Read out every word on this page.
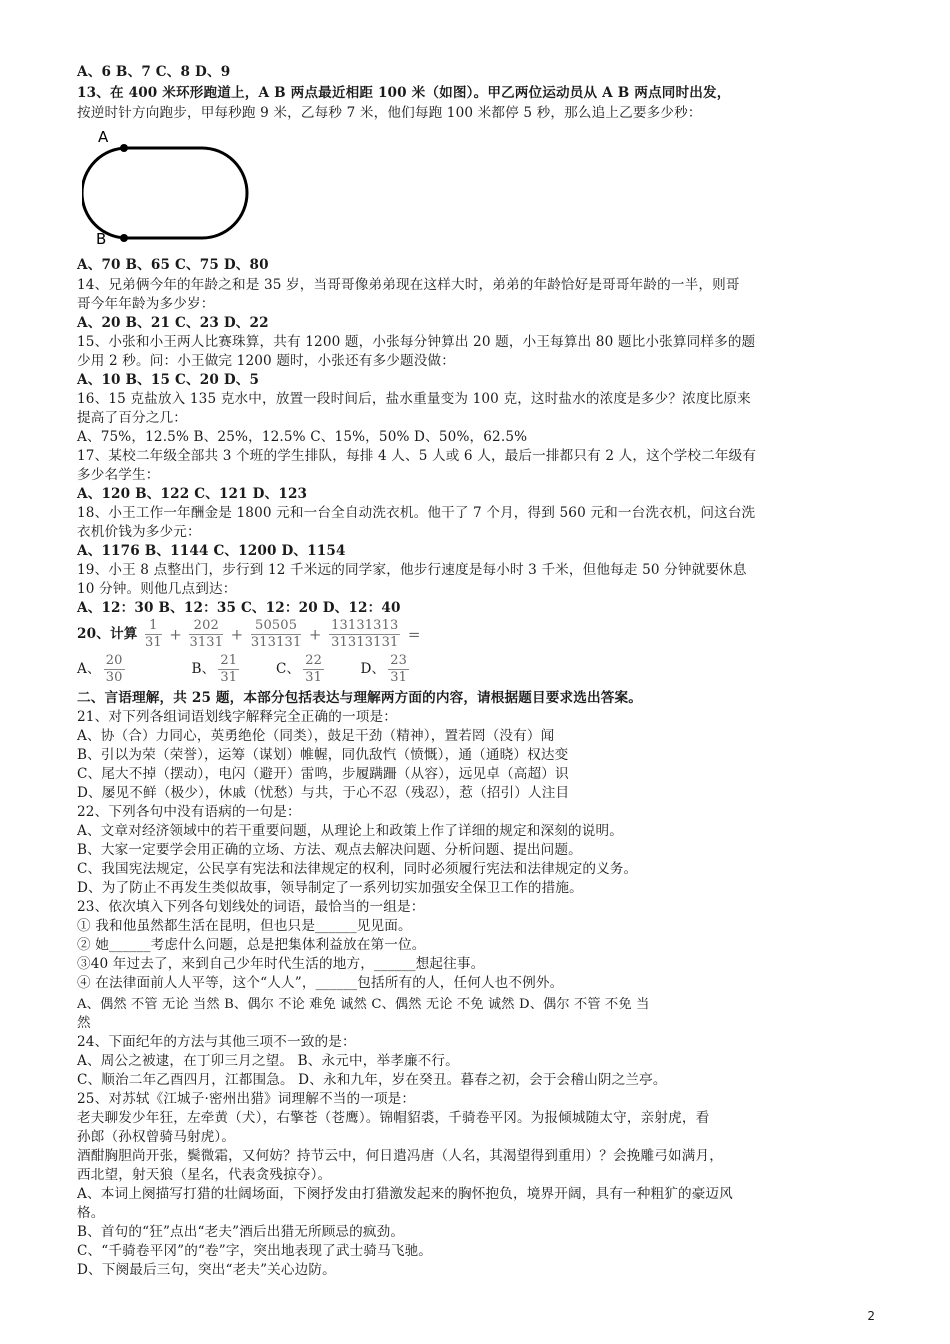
A、6 B、7 C、8 D、9
13、在 400 米环形跑道上，A B 两点最近相距 100 米（如图）。甲乙两位运动员从 A B 两点同时出发，
按逆时针方向跑步，甲每秒跑 9 米，乙每秒 7 米，他们每跑 100 米都停 5 秒，那么追上乙要多少秒：
A
B
A、70 B、65 C、75 D、80
14、兄弟俩今年的年龄之和是 35 岁，当哥哥像弟弟现在这样大时，弟弟的年龄恰好是哥哥年龄的一半，则哥
哥今年年龄为多少岁：
A、20 B、21 C、23 D、22
15、小张和小王两人比赛珠算，共有 1200 题，小张每分钟算出 20 题，小王每算出 80 题比小张算同样多的题
少用 2 秒。问：小王做完 1200 题时，小张还有多少题没做：
A、10 B、15 C、20 D、5
16、15 克盐放入 135 克水中，放置一段时间后，盐水重量变为 100 克，这时盐水的浓度是多少？浓度比原来
提高了百分之几：
A、75%，12.5% B、25%，12.5% C、15%，50% D、50%，62.5%
17、某校二年级全部共 3 个班的学生排队，每排 4 人、5 人或 6 人，最后一排都只有 2 人，这个学校二年级有
多少名学生：
A、120 B、122 C、121 D、123
18、小王工作一年酬金是 1800 元和一台全自动洗衣机。他干了 7 个月，得到 560 元和一台洗衣机，问这台洗
衣机价钱为多少元：
A、1176 B、1144 C、1200 D、1154
19、小王 8 点整出门，步行到 12 千米远的同学家，他步行速度是每小时 3 千米，但他每走 50 分钟就要休息
10 分钟。则他几点到达：
A、12：30 B、12：35 C、12：20 D、12：40
20、计算 $\frac{1}{31} + \frac{202}{3131} + \frac{50505}{313131} + \frac{13131313}{31313131}$ =
A、 $\frac{20}{30}$	B、 $\frac{21}{31}$	C、 $\frac{22}{31}$	D、 $\frac{23}{31}$
二、言语理解，共 25 题，本部分包括表达与理解两方面的内容，请根据题目要求选出答案。
21、对下列各组词语划线字解释完全正确的一项是：
A、协（合）力同心，英勇绝伦（同类），鼓足干劲（精神），置若罔（没有）闻
B、引以为荣（荣誉），运筹（谋划）帷幄，同仇敌忾（愤慨），通（通晓）权达变
C、尾大不掉（摆动），电闪（避开）雷鸣，步履蹒跚（从容），远见卓（高超）识
D、屡见不鲜（极少），休戚（忧愁）与共，于心不忍（残忍），惹（招引）人注目
22、下列各句中没有语病的一句是：
A、文章对经济领域中的若干重要问题，从理论上和政策上作了详细的规定和深刻的说明。
B、大家一定要学会用正确的立场、方法、观点去解决问题、分析问题、提出问题。
C、我国宪法规定，公民享有宪法和法律规定的权利，同时必须履行宪法和法律规定的义务。
D、为了防止不再发生类似故事，领导制定了一系列切实加强安全保卫工作的措施。
23、依次填入下列各句划线处的词语，最恰当的一组是：
① 我和他虽然都生活在昆明，但也只是______见见面。
② 她______考虑什么问题，总是把集体利益放在第一位。
③40 年过去了，来到自己少年时代生活的地方，______想起往事。
④ 在法律面前人人平等，这个“人人”，______包括所有的人，任何人也不例外。
A、偶然 不管 无论 当然 B、偶尔 不论 难免 诚然 C、偶然 无论 不免 诚然 D、偶尔 不管 不免 当
然
24、下面纪年的方法与其他三项不一致的是：
A、周公之被逮，在丁卯三月之望。 B、永元中，举孝廉不行。
C、顺治二年乙酉四月，江都围急。 D、永和九年，岁在癸丑。暮春之初，会于会稽山阴之兰亭。
25、对苏轼《江城子·密州出猎》词理解不当的一项是：
老夫聊发少年狂，左牵黄（犬），右擎苍（苍鹰）。锦帽貂裘，千骑卷平冈。为报倾城随太守，亲射虎，看
孙郎（孙权曾骑马射虎）。
酒酣胸胆尚开张，鬓微霜，又何妨？持节云中，何日遣冯唐（人名，其渴望得到重用）？会挽雕弓如满月，
西北望，射天狼（星名，代表贪残掠夺）。
A、本词上阕描写打猎的壮阔场面，下阕抒发由打猎激发起来的胸怀抱负，境界开阔，具有一种粗犷的豪迈风
格。
B、首句的“狂”点出“老夫”酒后出猎无所顾忌的疯劲。
C、“千骑卷平冈”的“卷”字，突出地表现了武士骑马飞驰。
D、下阕最后三句，突出“老夫”关心边防。
2
